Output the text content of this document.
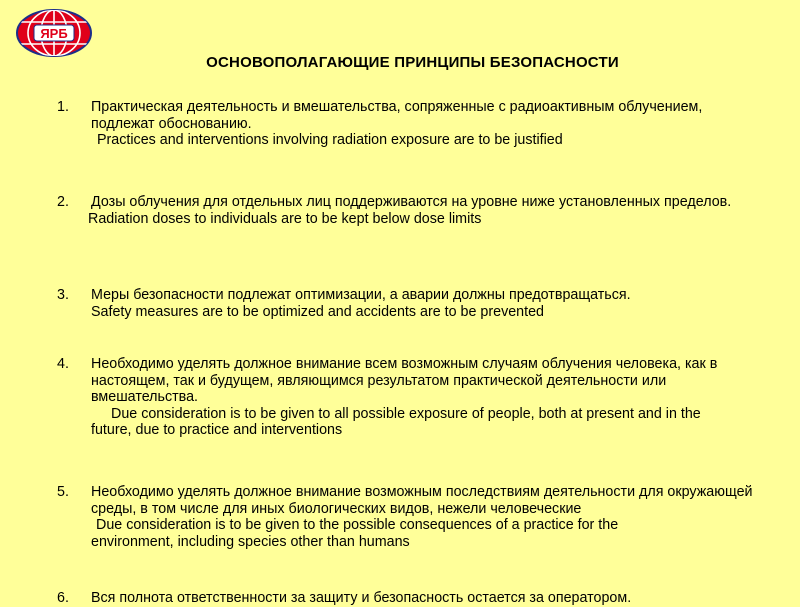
ЯРБ
ОСНОВОПОЛАГАЮЩИЕ ПРИНЦИПЫ БЕЗОПАСНОСТИ
1. Практическая деятельность и вмешательства, сопряженные с радиоактивным облучением, подлежат обоснованию.
Practices and interventions involving radiation exposure are to be justified
2. Дозы облучения для отдельных лиц поддерживаются на уровне ниже установленных пределов.
Radiation doses to individuals are to be kept below dose limits
3. Меры безопасности подлежат оптимизации, а аварии должны предотвращаться.
Safety measures are to be optimized and accidents are to be prevented
4. Необходимо уделять должное внимание всем возможным случаям облучения человека, как в настоящем, так и будущем, являющимся результатом практической деятельности или вмешательства.
Due consideration is to be given to all possible exposure of people, both at present and in the
future, due to practice and interventions
5. Необходимо уделять должное внимание возможным последствиям деятельности для окружающей среды, в том числе для иных биологических видов, нежели человеческие
Due consideration is to be given to the possible consequences of a practice for the
environment, including species other than humans
6. Вся полнота ответственности за защиту и безопасность остается за оператором.
